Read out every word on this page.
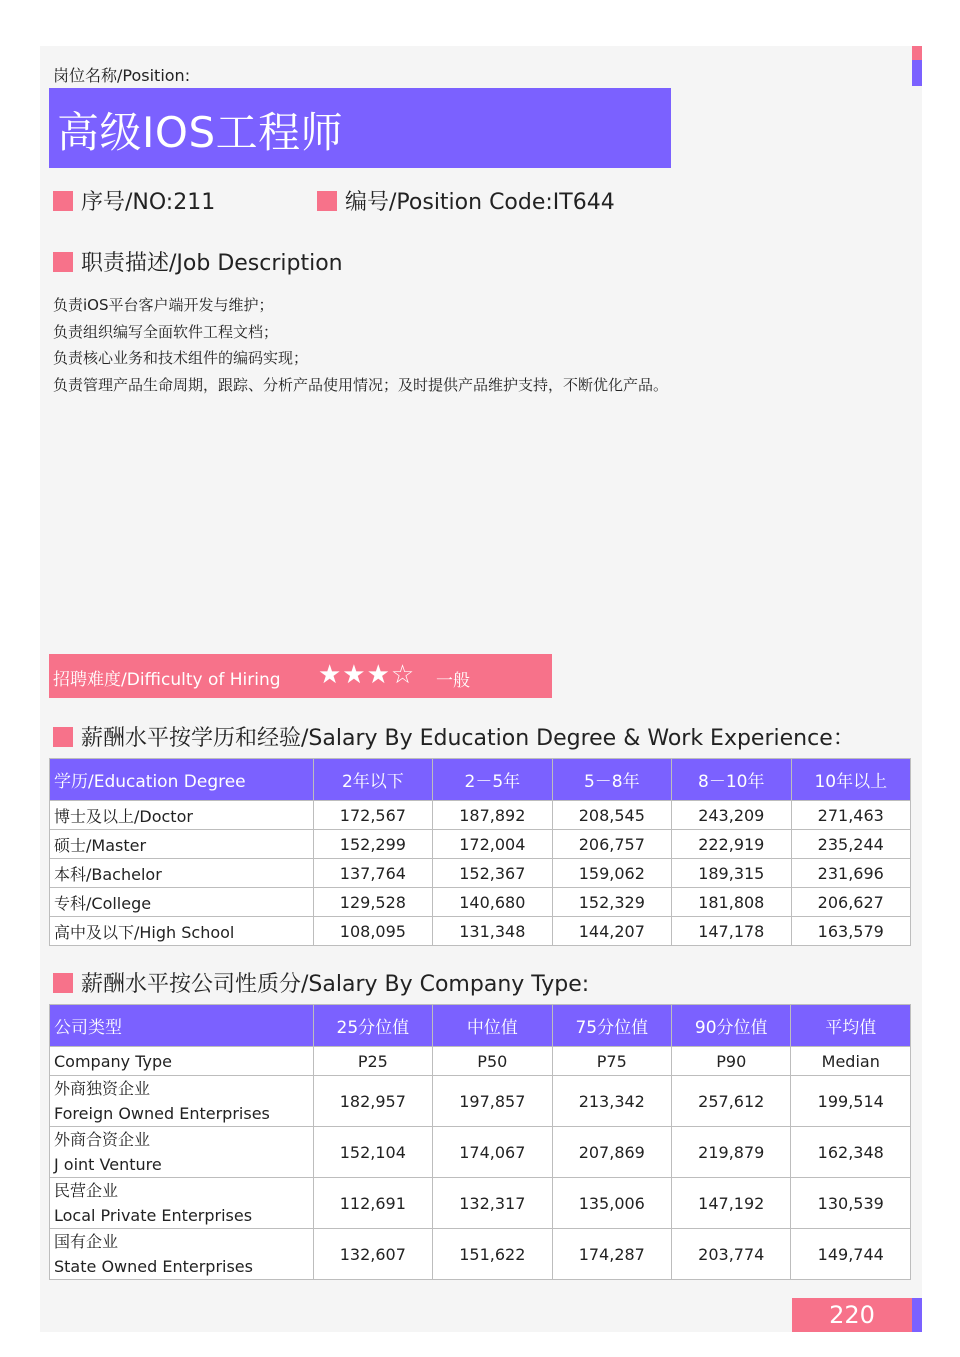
岗位名称/Position:
高级IOS工程师
序号/NO:211	编号/Position Code:IT644
职责描述/Job Description
负责iOS平台客户端开发与维护；
负责组织编写全面软件工程文档；
负责核心业务和技术组件的编码实现；
负责管理产品生命周期，跟踪、分析产品使用情况；及时提供产品维护支持，不断优化产品。
招聘难度/Difficulty of Hiring ★★★☆ 一般
薪酬水平按学历和经验/Salary By Education Degree & Work Experience：
学历/Education Degree	2年以下	2－5年	5－8年	8－10年	10年以上
博士及以上/Doctor	172,567	187,892	208,545	243,209	271,463
硕士/Master	152,299	172,004	206,757	222,919	235,244
本科/Bachelor	137,764	152,367	159,062	189,315	231,696
专科/College	129,528	140,680	152,329	181,808	206,627
高中及以下/High School	108,095	131,348	144,207	147,178	163,579
薪酬水平按公司性质分/Salary By Company Type:
公司类型	25分位值	中位值	75分位值	90分位值	平均值
Company Type	P25	P50	P75	P90	Median

外商独资企业
Foreign Owned Enterprises	182,957	197,857	213,342	257,612	199,514

外商合资企业
J oint Venture	152,104	174,067	207,869	219,879	162,348

民营企业
Local Private Enterprises	112,691	132,317	135,006	147,192	130,539

国有企业
State Owned Enterprises	132,607	151,622	174,287	203,774	149,744
220
